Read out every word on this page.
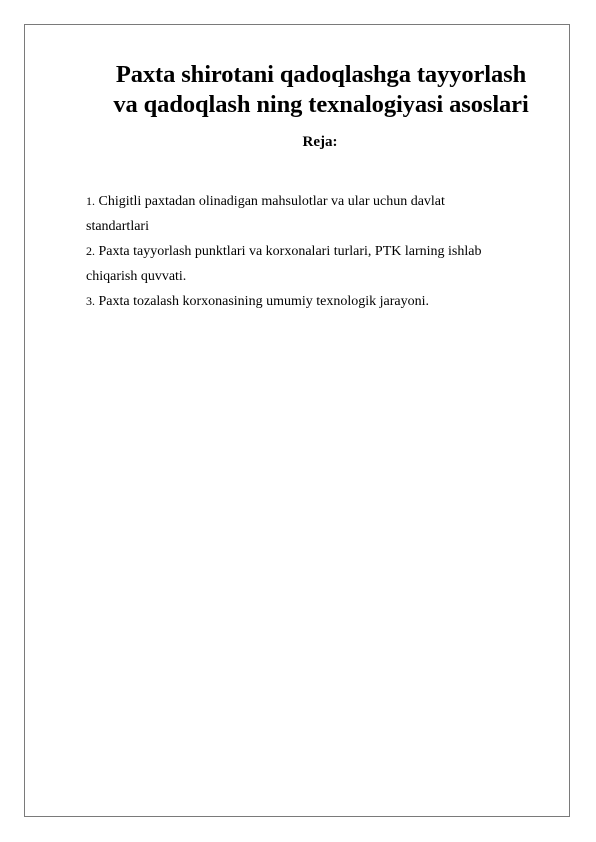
Paxta shirotani qadoqlashga tayyorlash
va qadoqlash ning texnalogiyasi asoslari
Reja:
1. Chigitli paxtadan olinadigan mahsulotlar va ular uchun davlat
standartlari
2. Paxta tayyorlash punktlari va korxonalari turlari, PTK larning ishlab
chiqarish quvvati.
3. Paxta tozalash korxonasining umumiy texnologik jarayoni.
